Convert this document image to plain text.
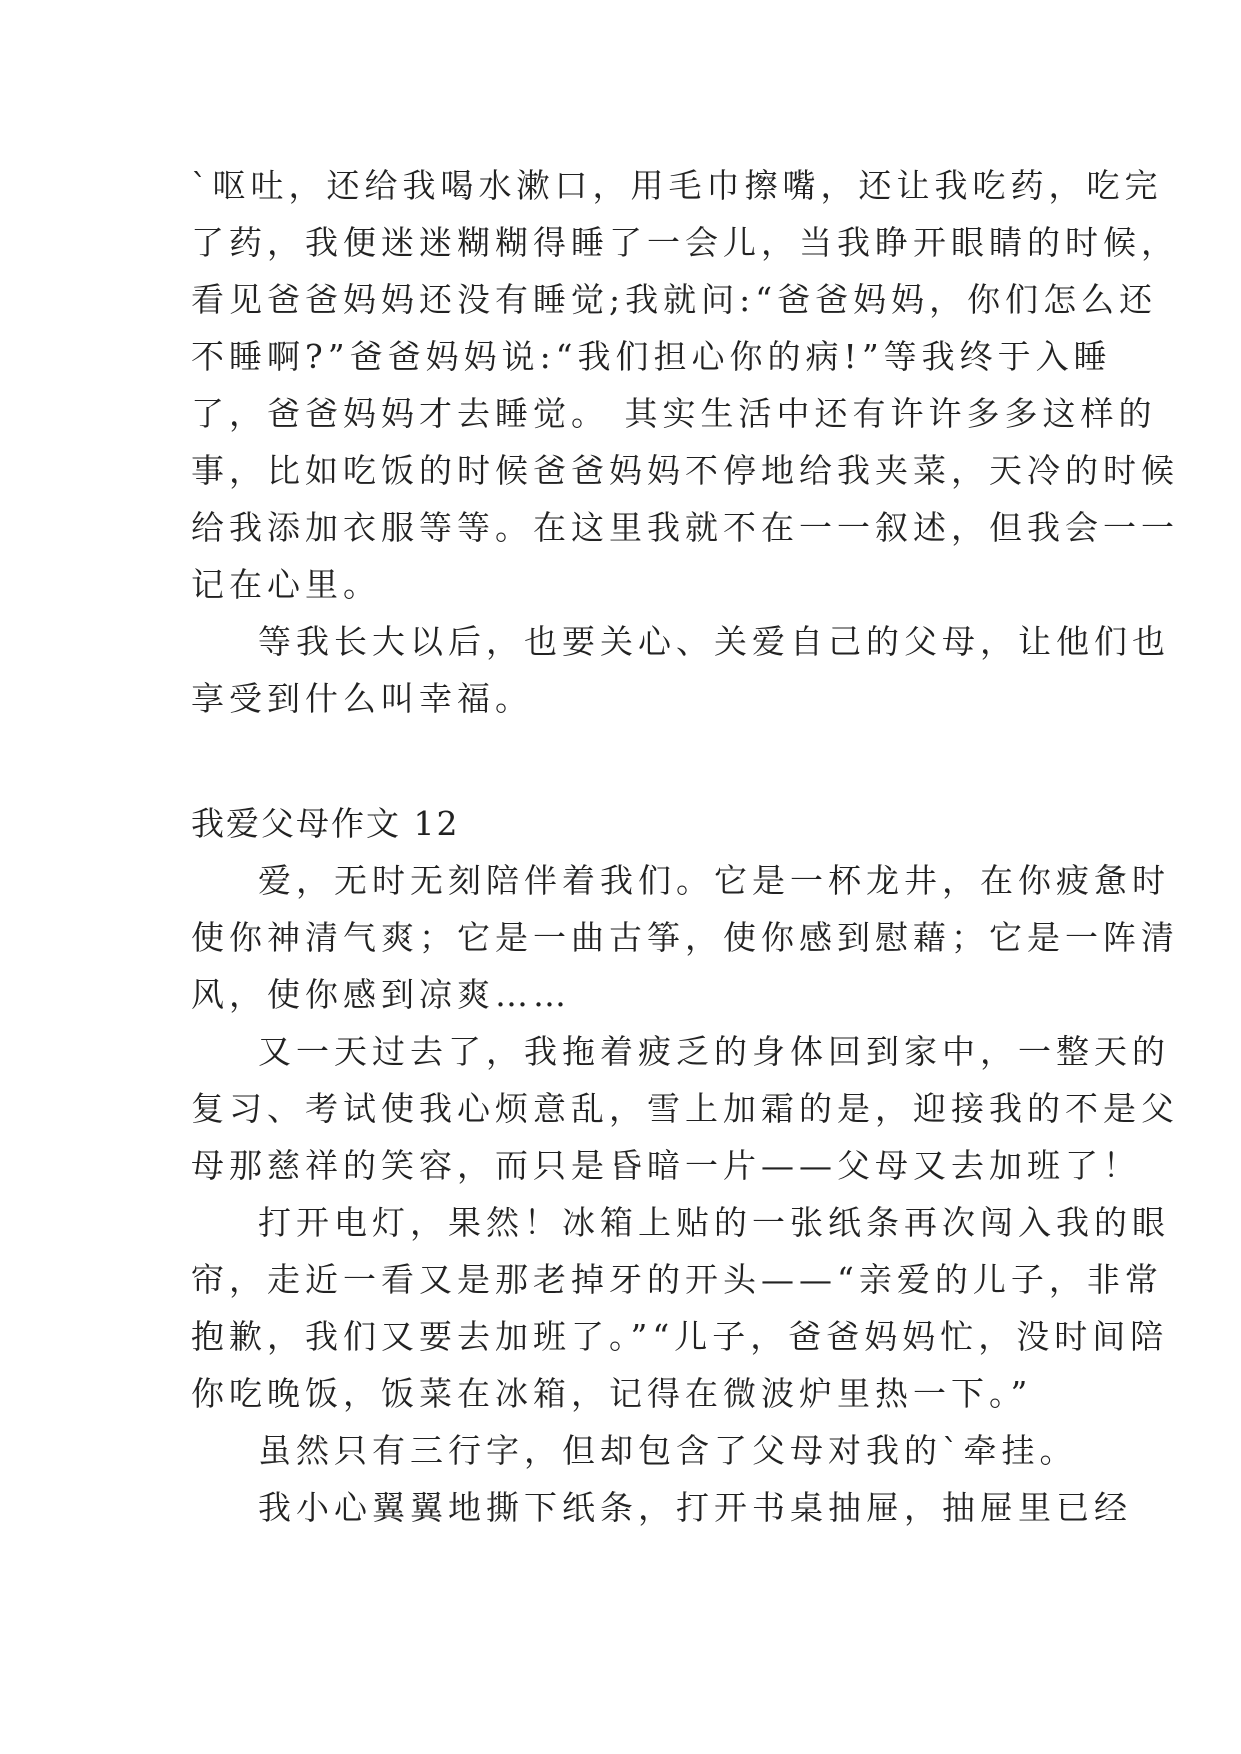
`呕吐，还给我喝水漱口，用毛巾擦嘴，还让我吃药，吃完
了药，我便迷迷糊糊得睡了一会儿，当我睁开眼睛的时候，
看见爸爸妈妈还没有睡觉;我就问:“爸爸妈妈，你们怎么还
不睡啊?”爸爸妈妈说:“我们担心你的病!”等我终于入睡
了，爸爸妈妈才去睡觉。 其实生活中还有许许多多这样的
事，比如吃饭的时候爸爸妈妈不停地给我夹菜，天冷的时候
给我添加衣服等等。在这里我就不在一一叙述，但我会一一
记在心里。
等我长大以后，也要关心、关爱自己的父母，让他们也
享受到什么叫幸福。
我爱父母作文 12
爱，无时无刻陪伴着我们。它是一杯龙井，在你疲惫时
使你神清气爽；它是一曲古筝，使你感到慰藉；它是一阵清
风，使你感到凉爽……
又一天过去了，我拖着疲乏的身体回到家中，一整天的
复习、考试使我心烦意乱，雪上加霜的是，迎接我的不是父
母那慈祥的笑容，而只是昏暗一片——父母又去加班了！
打开电灯，果然！冰箱上贴的一张纸条再次闯入我的眼
帘，走近一看又是那老掉牙的开头——“亲爱的儿子，非常
抱歉，我们又要去加班了。”“儿子，爸爸妈妈忙，没时间陪
你吃晚饭，饭菜在冰箱，记得在微波炉里热一下。”
虽然只有三行字，但却包含了父母对我的`牵挂。
我小心翼翼地撕下纸条，打开书桌抽屉，抽屉里已经
